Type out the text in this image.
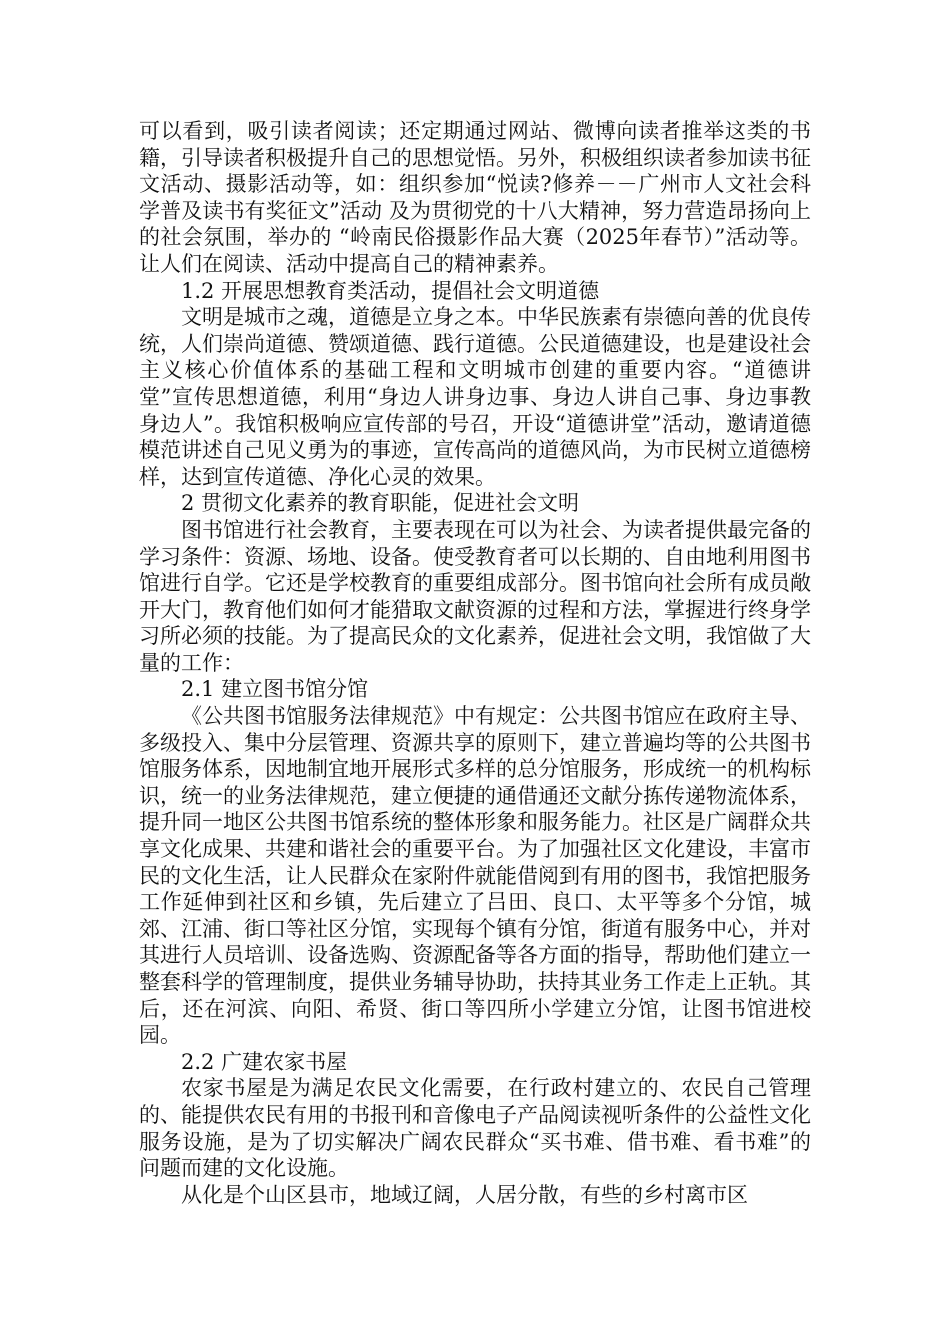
可以看到，吸引读者阅读；还定期通过网站、微博向读者推举这类的书籍，引导读者积极提升自己的思想觉悟。另外，积极组织读者参加读书征文活动、摄影活动等，如：组织参加“悦读?修养－－广州市人文社会科学普及读书有奖征文”活动 及为贯彻党的十八大精神，努力营造昂扬向上的社会氛围，举办的 “岭南民俗摄影作品大赛（2025年春节）”活动等。让人们在阅读、活动中提高自己的精神素养。

1.2 开展思想教育类活动，提倡社会文明道德

文明是城市之魂，道德是立身之本。中华民族素有崇德向善的优良传统，人们崇尚道德、赞颂道德、践行道德。公民道德建设，也是建设社会主义核心价值体系的基础工程和文明城市创建的重要内容。“道德讲堂”宣传思想道德，利用“身边人讲身边事、身边人讲自己事、身边事教身边人”。我馆积极响应宣传部的号召，开设“道德讲堂”活动，邀请道德模范讲述自己见义勇为的事迹，宣传高尚的道德风尚，为市民树立道德榜样，达到宣传道德、净化心灵的效果。

2 贯彻文化素养的教育职能，促进社会文明

图书馆进行社会教育，主要表现在可以为社会、为读者提供最完备的学习条件：资源、场地、设备。使受教育者可以长期的、自由地利用图书馆进行自学。它还是学校教育的重要组成部分。图书馆向社会所有成员敞开大门，教育他们如何才能猎取文献资源的过程和方法，掌握进行终身学习所必须的技能。为了提高民众的文化素养，促进社会文明，我馆做了大量的工作：

2.1 建立图书馆分馆

《公共图书馆服务法律规范》中有规定：公共图书馆应在政府主导、多级投入、集中分层管理、资源共享的原则下，建立普遍均等的公共图书馆服务体系，因地制宜地开展形式多样的总分馆服务，形成统一的机构标识，统一的业务法律规范，建立便捷的通借通还文献分拣传递物流体系，提升同一地区公共图书馆系统的整体形象和服务能力。社区是广阔群众共享文化成果、共建和谐社会的重要平台。为了加强社区文化建设，丰富市民的文化生活，让人民群众在家附件就能借阅到有用的图书，我馆把服务工作延伸到社区和乡镇，先后建立了吕田、良口、太平等多个分馆，城郊、江浦、街口等社区分馆，实现每个镇有分馆，街道有服务中心，并对其进行人员培训、设备选购、资源配备等各方面的指导，帮助他们建立一整套科学的管理制度，提供业务辅导协助，扶持其业务工作走上正轨。其后，还在河滨、向阳、希贤、街口等四所小学建立分馆，让图书馆进校园。

2.2 广建农家书屋

农家书屋是为满足农民文化需要，在行政村建立的、农民自己管理的、能提供农民有用的书报刊和音像电子产品阅读视听条件的公益性文化服务设施，是为了切实解决广阔农民群众“买书难、借书难、看书难”的问题而建的文化设施。

从化是个山区县市，地域辽阔，人居分散，有些的乡村离市区
